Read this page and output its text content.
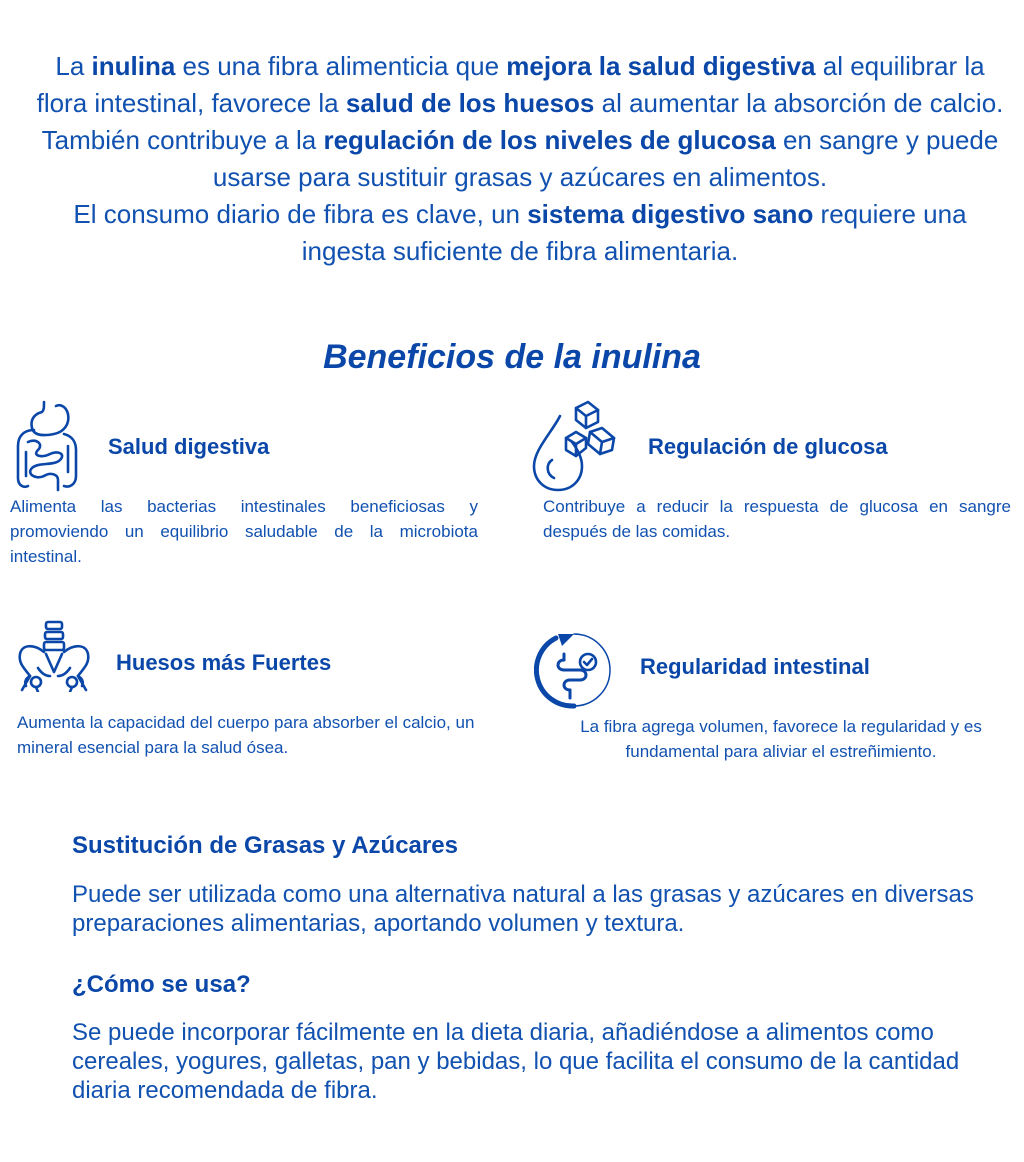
La inulina es una fibra alimenticia que mejora la salud digestiva al equilibrar la flora intestinal, favorece la salud de los huesos al aumentar la absorción de calcio. También contribuye a la regulación de los niveles de glucosa en sangre y puede usarse para sustituir grasas y azúcares en alimentos.
El consumo diario de fibra es clave, un sistema digestivo sano requiere una ingesta suficiente de fibra alimentaria.
Beneficios de la inulina
Salud digestiva
Alimenta las bacterias intestinales beneficiosas y promoviendo un equilibrio saludable de la microbiota intestinal.
Regulación de glucosa
Contribuye a reducir la respuesta de glucosa en sangre después de las comidas.
Huesos más Fuertes
Aumenta la capacidad del cuerpo para absorber el calcio, un mineral esencial para la salud ósea.
Regularidad intestinal
La fibra agrega volumen, favorece la regularidad y es fundamental para aliviar el estreñimiento.
Sustitución de Grasas y Azúcares
Puede ser utilizada como una alternativa natural a las grasas y azúcares en diversas preparaciones alimentarias, aportando volumen y textura.
¿Cómo se usa?
Se puede incorporar fácilmente en la dieta diaria, añadiéndose a alimentos como cereales, yogures, galletas, pan y bebidas, lo que facilita el consumo de la cantidad diaria recomendada de fibra.
